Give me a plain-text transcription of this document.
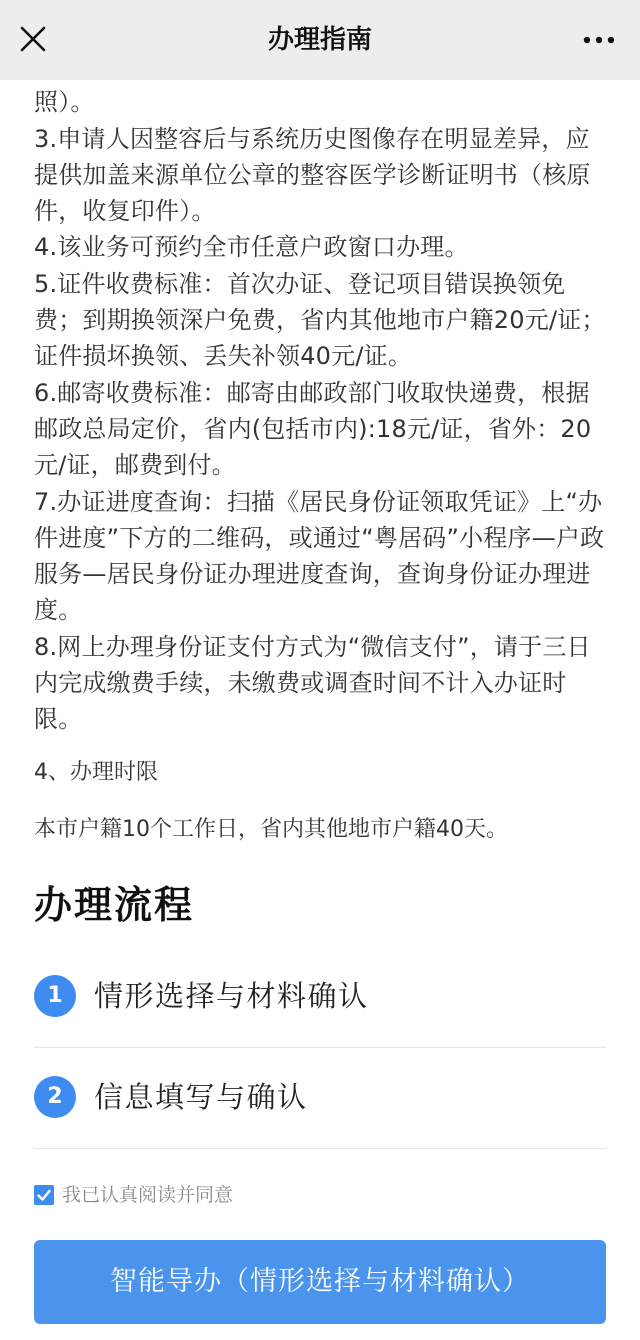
照）。
3.申请人因整容后与系统历史图像存在明显差异，应提供加盖来源单位公章的整容医学诊断证明书（核原件，收复印件）。
4.该业务可预约全市任意户政窗口办理。
5.证件收费标准：首次办证、登记项目错误换领免费；到期换领深户免费，省内其他地市户籍20元/证；证件损坏换领、丢失补领40元/证。
6.邮寄收费标准：邮寄由邮政部门收取快递费，根据邮政总局定价，省内(包括市内):18元/证，省外：20元/证，邮费到付。
7.办证进度查询：扫描《居民身份证领取凭证》上“办件进度”下方的二维码，或通过“粤居码”小程序—户政服务—居民身份证办理进度查询，查询身份证办理进度。
8.网上办理身份证支付方式为“微信支付”，请于三日内完成缴费手续，未缴费或调查时间不计入办证时限。
4、办理时限
本市户籍10个工作日，省内其他地市户籍40天。
办理流程
1	情形选择与材料确认
2	信息填写与确认
我已认真阅读并同意
智能导办（情形选择与材料确认）
办理指南
